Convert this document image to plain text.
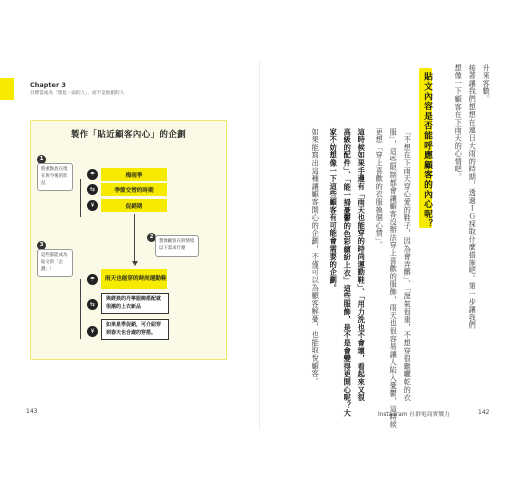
Chapter 3
目標當成為「想見一面的人」，而不是推銷的人
製作「貼近顧客內心」的企劃
1
將重點放在現在與今後的狀況
☂	梅雨季
⇆	季節交替的時期
¥	促銷期
2
想像顧客在與情境以下需求什麼
3
這些都能成為貼文的「企劃」！
☂	雨天也能穿的時尚運動鞋
⇆
與經典的丹寧服飾搭配就很潮的上衣新品
¥
如果是季促銷，可介紹穿到春天也合適的穿搭。
143
升來客數。
接著讓我們想想在連日大雨的時期，透過ＩＧ採取什麼措施吧。第一步讓我們
想像一下顧客在下雨天的心情吧。
貼文內容是否能呼應顧客的內心呢？
「不想在下雨天穿心愛的鞋子，因為會弄髒」、「溼氣很重，不想穿很難曬乾的衣
服」，這些限制都會讓顧客沒辦法穿上喜歡的服飾，雨天也很容易讓人陷入憂鬱，這時候
更想「穿上喜歡的衣服換個心情」。
這時候如果手邊有「雨天也能穿的時尚運動鞋」、「用力洗也不會壞，看起來又很
高級的配件」、「能一掃憂鬱的色彩繽紛上衣」這些服飾，是不是會變得更開心呢？大
家不妨想像一下這些顧客有可能會需要的企劃。
如果能寫出這種讓顧客開心的企劃，不僅可以為顧客解憂，也能取悅顧客。
Instagram 社群電商實戰力	142
